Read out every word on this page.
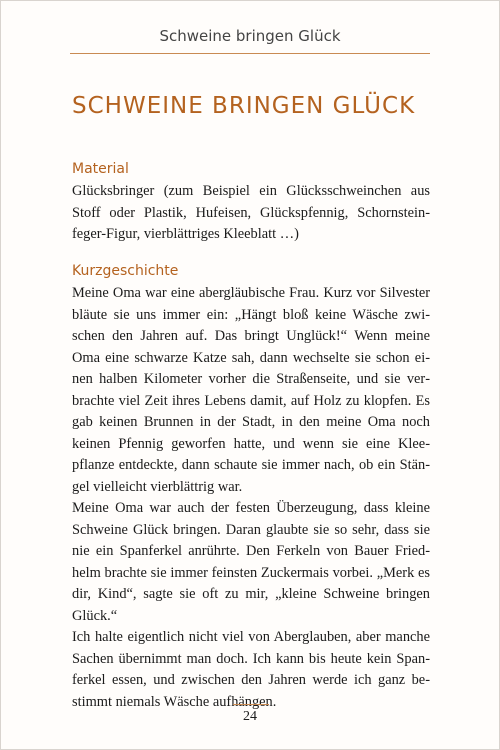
Schweine bringen Glück
SCHWEINE BRINGEN GLÜCK
Material

Glücksbringer (zum Beispiel ein Glücksschweinchen aus Stoff oder Plastik, Hufeisen, Glückspfennig, Schornsteinfeger-Figur, vierblättriges Kleeblatt …)

Kurzgeschichte

Meine Oma war eine abergläubische Frau. Kurz vor Silvester bläute sie uns immer ein: „Hängt bloß keine Wäsche zwischen den Jahren auf. Das bringt Unglück!“ Wenn meine Oma eine schwarze Katze sah, dann wechselte sie schon einen halben Kilometer vorher die Straßenseite, und sie verbrachte viel Zeit ihres Lebens damit, auf Holz zu klopfen. Es gab keinen Brunnen in der Stadt, in den meine Oma noch keinen Pfennig geworfen hatte, und wenn sie eine Kleepflanze entdeckte, dann schaute sie immer nach, ob ein Stängel vielleicht vierblättrig war.

Meine Oma war auch der festen Überzeugung, dass kleine Schweine Glück bringen. Daran glaubte sie so sehr, dass sie nie ein Spanferkel anrührte. Den Ferkeln von Bauer Friedhelm brachte sie immer feinsten Zuckermais vorbei. „Merk es dir, Kind“, sagte sie oft zu mir, „kleine Schweine bringen Glück.“

Ich halte eigentlich nicht viel von Aberglauben, aber manche Sachen übernimmt man doch. Ich kann bis heute kein Spanferkel essen, und zwischen den Jahren werde ich ganz bestimmt niemals Wäsche aufhängen.

24
